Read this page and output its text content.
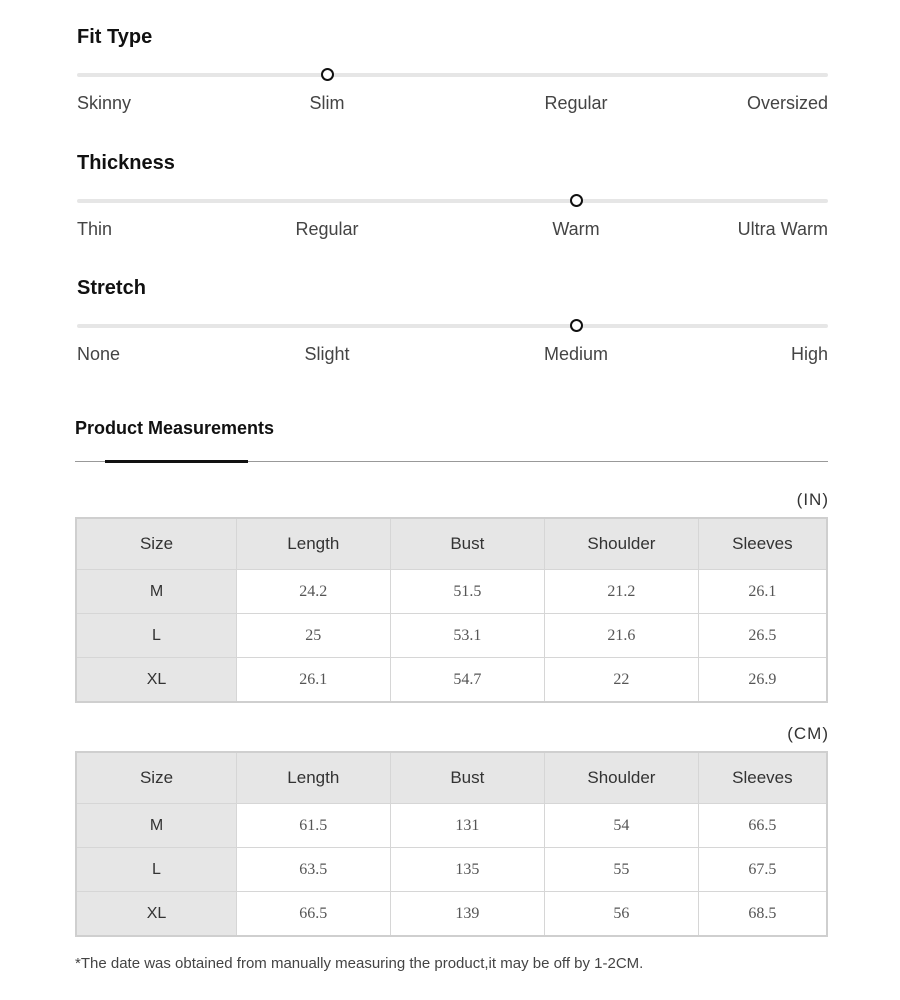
Fit Type
Skinny	Slim	Regular	Oversized
Thickness
Thin	Regular	Warm	Ultra Warm
Stretch
None	Slight	Medium	High
Product Measurements
(IN)
Size	Length	Bust	Shoulder	Sleeves
M	24.2	51.5	21.2	26.1
L	25	53.1	21.6	26.5
XL	26.1	54.7	22	26.9
(CM)
Size	Length	Bust	Shoulder	Sleeves
M	61.5	131	54	66.5
L	63.5	135	55	67.5
XL	66.5	139	56	68.5
*The date was obtained from manually measuring the product,it may be off by 1-2CM.
